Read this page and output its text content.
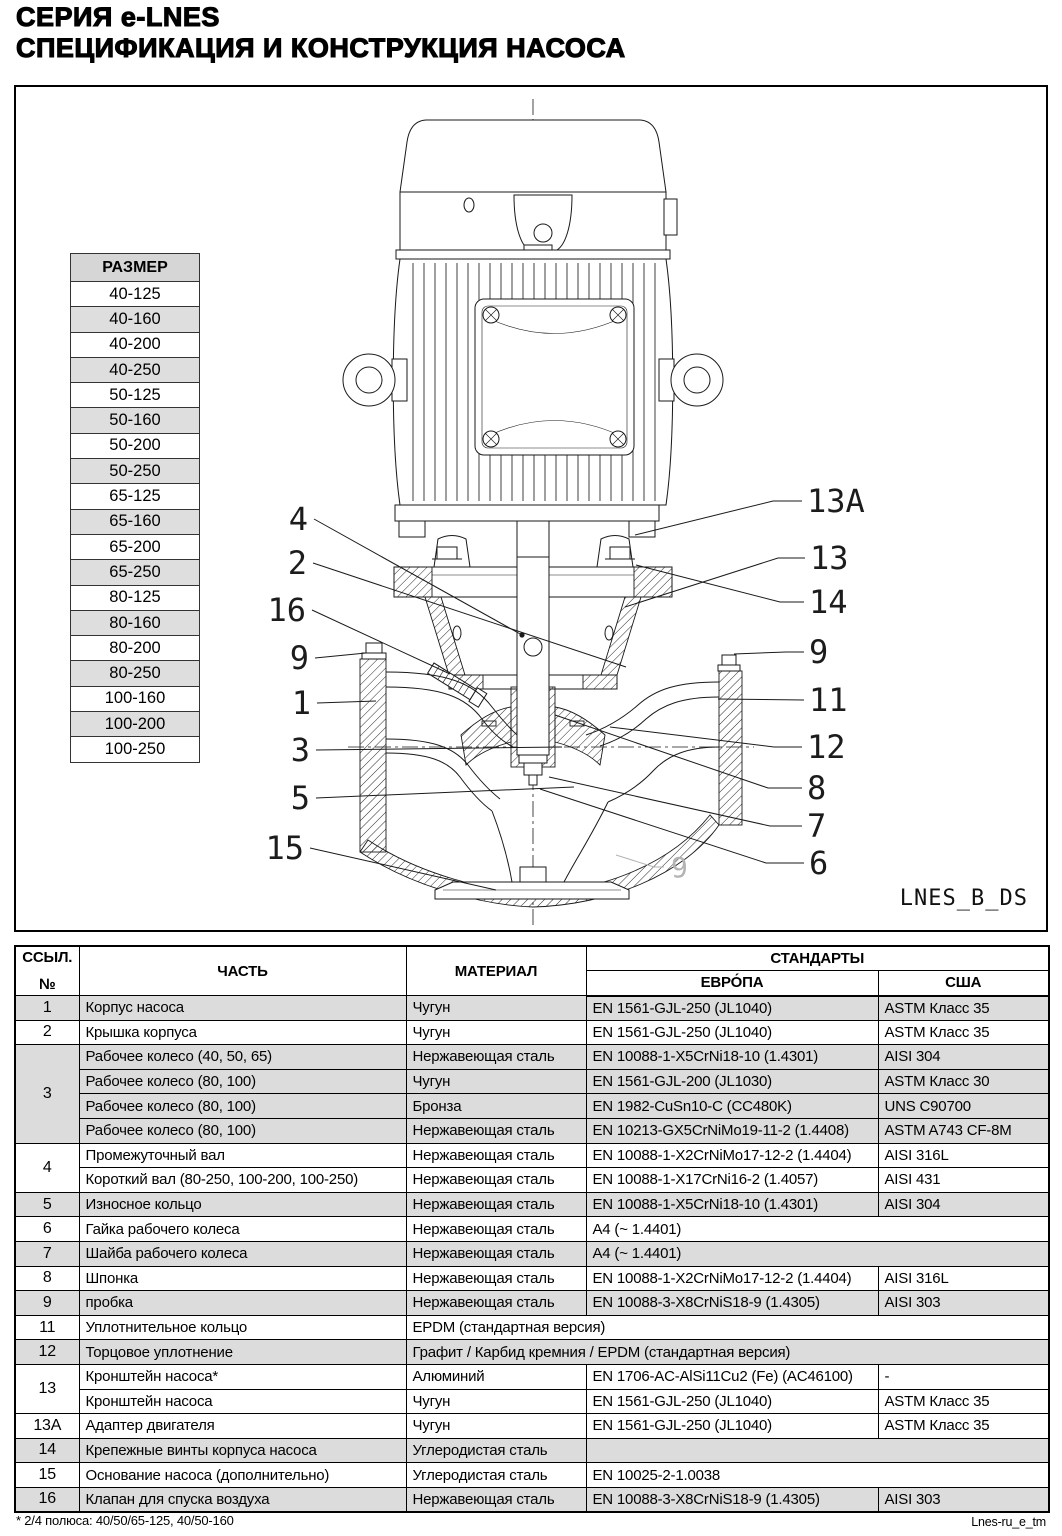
СЕРИЯ e-LNES
СПЕЦИФИКАЦИЯ И КОНСТРУКЦИЯ НАСОСА
LNES_B_DS
4
2
16
9
1
3
5
15
13A
13
14
9
11
12
8
7
6
9
РАЗМЕР
40-125
40-160
40-200
40-250
50-125
50-160
50-200
50-250
65-125
65-160
65-200
65-250
80-125
80-160
80-200
80-250
100-160
100-200
100-250
ССЫЛ.
№	ЧАСТЬ	МАТЕРИАЛ	СТАНДАРТЫ	
			ЕВРО́ПА	США
1	Корпус насоса	Чугун	EN 1561-GJL-250 (JL1040)	ASTM Класс 35
2	Крышка корпуса	Чугун	EN 1561-GJL-250 (JL1040)	ASTM Класс 35
3	Рабочее колесо (40, 50, 65)	Нержавеющая сталь	EN 10088-1-X5CrNi18-10 (1.4301)	AISI 304
	Рабочее колесо (80, 100)	Чугун	EN 1561-GJL-200 (JL1030)	ASTM Класс 30
	Рабочее колесо (80, 100)	Бронза	EN 1982-CuSn10-C (CC480K)	UNS C90700
	Рабочее колесо (80, 100)	Нержавеющая сталь	EN 10213-GX5CrNiMo19-11-2 (1.4408)	ASTM A743 CF-8M
4	Промежуточный вал	Нержавеющая сталь	EN 10088-1-X2CrNiMo17-12-2 (1.4404)	AISI 316L
	Короткий вал (80-250, 100-200, 100-250)	Нержавеющая сталь	EN 10088-1-X17CrNi16-2 (1.4057)	AISI 431
5	Износное кольцо	Нержавеющая сталь	EN 10088-1-X5CrNi18-10 (1.4301)	AISI 304
6	Гайка рабочего колеса	Нержавеющая сталь	A4 (~ 1.4401)	
7	Шайба рабочего колеса	Нержавеющая сталь	A4 (~ 1.4401)	
8	Шпонка	Нержавеющая сталь	EN 10088-1-X2CrNiMo17-12-2 (1.4404)	AISI 316L
9	пробка	Нержавеющая сталь	EN 10088-3-X8CrNiS18-9 (1.4305)	AISI 303
11	Уплотнительное кольцо	EPDM (стандартная версия)		
12	Торцовое уплотнение	Графит / Карбид кремния / EPDM (стандартная версия)		
13	Кронштейн насоса*	Алюминий	EN 1706-AC-AlSi11Cu2 (Fe) (AC46100)	-
	Кронштейн насоса	Чугун	EN 1561-GJL-250 (JL1040)	ASTM Класс 35
13A	Адаптер двигателя	Чугун	EN 1561-GJL-250 (JL1040)	ASTM Класс 35
14	Крепежные винты корпуса насоса	Углеродистая сталь		
15	Основание насоса (дополнительно)	Углеродистая сталь	EN 10025-2-1.0038	
16	Клапан для спуска воздуха	Нержавеющая сталь	EN 10088-3-X8CrNiS18-9 (1.4305)	AISI 303
* 2/4 полюса: 40/50/65-125, 40/50-160	Lnes-ru_e_tm
